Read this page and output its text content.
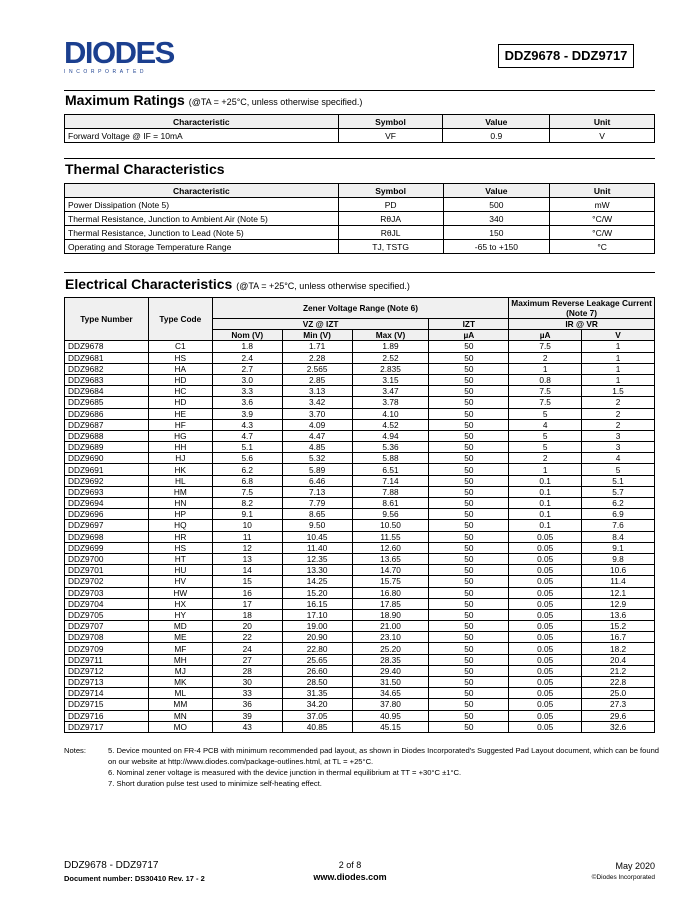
DIODES
INCORPORATED
DDZ9678 - DDZ9717
Maximum Ratings (@TA = +25°C, unless otherwise specified.)
Characteristic	Symbol	Value	Unit
Forward Voltage @ IF = 10mA	VF	0.9	V
Thermal Characteristics
Characteristic	Symbol	Value	Unit
Power Dissipation (Note 5)	PD	500	mW
Thermal Resistance, Junction to Ambient Air (Note 5)	RθJA	340	°C/W
Thermal Resistance, Junction to Lead (Note 5)	RθJL	150	°C/W
Operating and Storage Temperature Range	TJ, TSTG	-65 to +150	°C
Electrical Characteristics (@TA = +25°C, unless otherwise specified.)
Type Number	Type Code	Zener Voltage Range (Note 6)				Maximum Reverse Leakage Current (Note 7)	
		VZ @ IZT			IZT	IR @ VR	
		Nom (V)	Min (V)	Max (V)	µA	µA	V
DDZ9678	C1	1.8	1.71	1.89	50	7.5	1
DDZ9681	HS	2.4	2.28	2.52	50	2	1
DDZ9682	HA	2.7	2.565	2.835	50	1	1
DDZ9683	HD	3.0	2.85	3.15	50	0.8	1
DDZ9684	HC	3.3	3.13	3.47	50	7.5	1.5
DDZ9685	HD	3.6	3.42	3.78	50	7.5	2
DDZ9686	HE	3.9	3.70	4.10	50	5	2
DDZ9687	HF	4.3	4.09	4.52	50	4	2
DDZ9688	HG	4.7	4.47	4.94	50	5	3
DDZ9689	HH	5.1	4.85	5.36	50	5	3
DDZ9690	HJ	5.6	5.32	5.88	50	2	4
DDZ9691	HK	6.2	5.89	6.51	50	1	5
DDZ9692	HL	6.8	6.46	7.14	50	0.1	5.1
DDZ9693	HM	7.5	7.13	7.88	50	0.1	5.7
DDZ9694	HN	8.2	7.79	8.61	50	0.1	6.2
DDZ9696	HP	9.1	8.65	9.56	50	0.1	6.9
DDZ9697	HQ	10	9.50	10.50	50	0.1	7.6
DDZ9698	HR	11	10.45	11.55	50	0.05	8.4
DDZ9699	HS	12	11.40	12.60	50	0.05	9.1
DDZ9700	HT	13	12.35	13.65	50	0.05	9.8
DDZ9701	HU	14	13.30	14.70	50	0.05	10.6
DDZ9702	HV	15	14.25	15.75	50	0.05	11.4
DDZ9703	HW	16	15.20	16.80	50	0.05	12.1
DDZ9704	HX	17	16.15	17.85	50	0.05	12.9
DDZ9705	HY	18	17.10	18.90	50	0.05	13.6
DDZ9707	MD	20	19.00	21.00	50	0.05	15.2
DDZ9708	ME	22	20.90	23.10	50	0.05	16.7
DDZ9709	MF	24	22.80	25.20	50	0.05	18.2
DDZ9711	MH	27	25.65	28.35	50	0.05	20.4
DDZ9712	MJ	28	26.60	29.40	50	0.05	21.2
DDZ9713	MK	30	28.50	31.50	50	0.05	22.8
DDZ9714	ML	33	31.35	34.65	50	0.05	25.0
DDZ9715	MM	36	34.20	37.80	50	0.05	27.3
DDZ9716	MN	39	37.05	40.95	50	0.05	29.6
DDZ9717	MO	43	40.85	45.15	50	0.05	32.6
Notes:	5. Device mounted on FR-4 PCB with minimum recommended pad layout, as shown in Diodes Incorporated's Suggested Pad Layout document, which can be found on our website at http://www.diodes.com/package-outlines.html, at TL = +25°C.
6. Nominal zener voltage is measured with the device junction in thermal equilibrium at TT = +30°C ±1°C.
7. Short duration pulse test used to minimize self-heating effect.
DDZ9678 - DDZ9717
Document number: DS30410 Rev. 17 - 2
2 of 8
www.diodes.com
May 2020
©Diodes Incorporated
